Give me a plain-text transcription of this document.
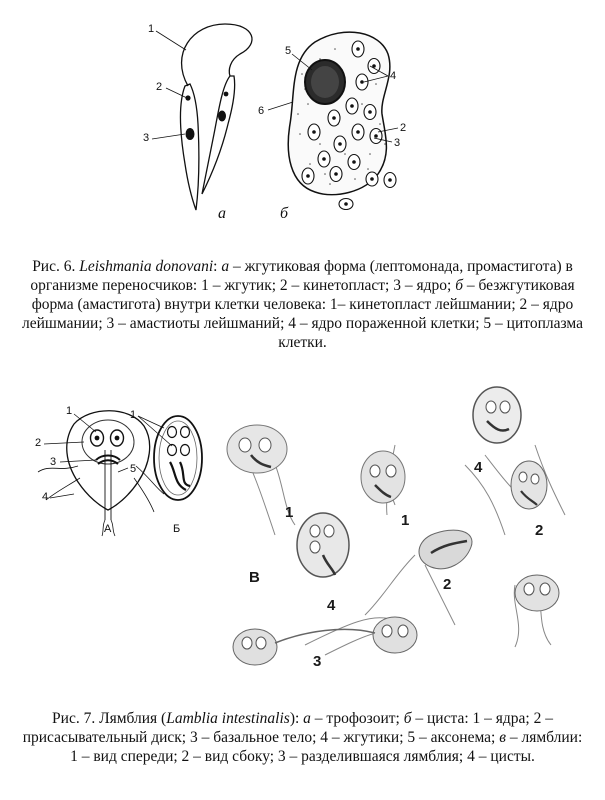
1
2
3
5
6
4
2
3
а	б

Рис. 6. Leishmania donovani: а – жгутиковая форма (лептомонада, промастигота) в организме переносчиков: 1 – жгутик; 2 – кинетопласт; 3 – ядро; б – безжгутиковая форма (амастигота) внутри клетки человека: 1– кинетопласт лейшмании; 2 – ядро лейшмании; 3 – амастиоты лейшманий; 4 – ядро пораженной клетки; 5 – цитоплазма клетки.

1
2
3
4
5
1
А	Б
В
1	1
4
2
2
4
3

Рис. 7. Лямблия (Lamblia intestinalis): а – трофозоит; б – циста: 1 – ядра; 2 – присасывательный диск; 3 – базальное тело; 4 – жгутики; 5 – аксонема; в – лямблии: 1 – вид спереди; 2 – вид сбоку; 3 – разделившаяся лямблия; 4 – цисты.
